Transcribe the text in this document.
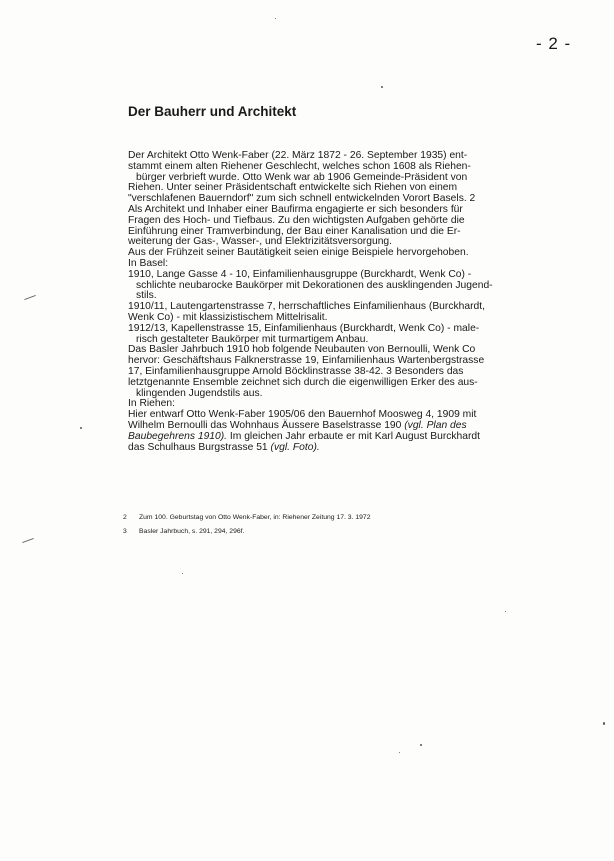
- 2 -
Der Bauherr und Architekt
Der Architekt Otto Wenk-Faber (22. März 1872 - 26. September 1935) ent-
stammt einem alten Riehener Geschlecht, welches schon 1608 als Riehen-
bürger verbrieft wurde. Otto Wenk war ab 1906 Gemeinde-Präsident von
Riehen. Unter seiner Präsidentschaft entwickelte sich Riehen von einem
"verschlafenen Bauerndorf" zum sich schnell entwickelnden Vorort Basels. 2
Als Architekt und Inhaber einer Baufirma engagierte er sich besonders für
Fragen des Hoch- und Tiefbaus. Zu den wichtigsten Aufgaben gehörte die
Einführung einer Tramverbindung, der Bau einer Kanalisation und die Er-
weiterung der Gas-, Wasser-, und Elektrizitätsversorgung.
Aus der Frühzeit seiner Bautätigkeit seien einige Beispiele hervorgehoben.
In Basel:
1910, Lange Gasse 4 - 10, Einfamilienhausgruppe (Burckhardt, Wenk Co) -
schlichte neubarocke Baukörper mit Dekorationen des ausklingenden Jugend-
stils.
1910/11, Lautengartenstrasse 7, herrschaftliches Einfamilienhaus (Burckhardt,
Wenk Co) - mit klassizistischem Mittelrisalit.
1912/13, Kapellenstrasse 15, Einfamilienhaus (Burckhardt, Wenk Co) - male-
risch gestalteter Baukörper mit turmartigem Anbau.
Das Basler Jahrbuch 1910 hob folgende Neubauten von Bernoulli, Wenk Co
hervor: Geschäftshaus Falknerstrasse 19, Einfamilienhaus Wartenbergstrasse
17, Einfamilienhausgruppe Arnold Böcklinstrasse 38-42. 3 Besonders das
letztgenannte Ensemble zeichnet sich durch die eigenwilligen Erker des aus-
klingenden Jugendstils aus.
In Riehen:
Hier entwarf Otto Wenk-Faber 1905/06 den Bauernhof Moosweg 4, 1909 mit
Wilhelm Bernoulli das Wohnhaus Äussere Baselstrasse 190 (vgl. Plan des
Baubegehrens 1910). Im gleichen Jahr erbaute er mit Karl August Burckhardt
das Schulhaus Burgstrasse 51 (vgl. Foto).
2 Zum 100. Geburtstag von Otto Wenk-Faber, in: Riehener Zeitung 17. 3. 1972
3 Basler Jahrbuch, s. 291, 294, 296f.
